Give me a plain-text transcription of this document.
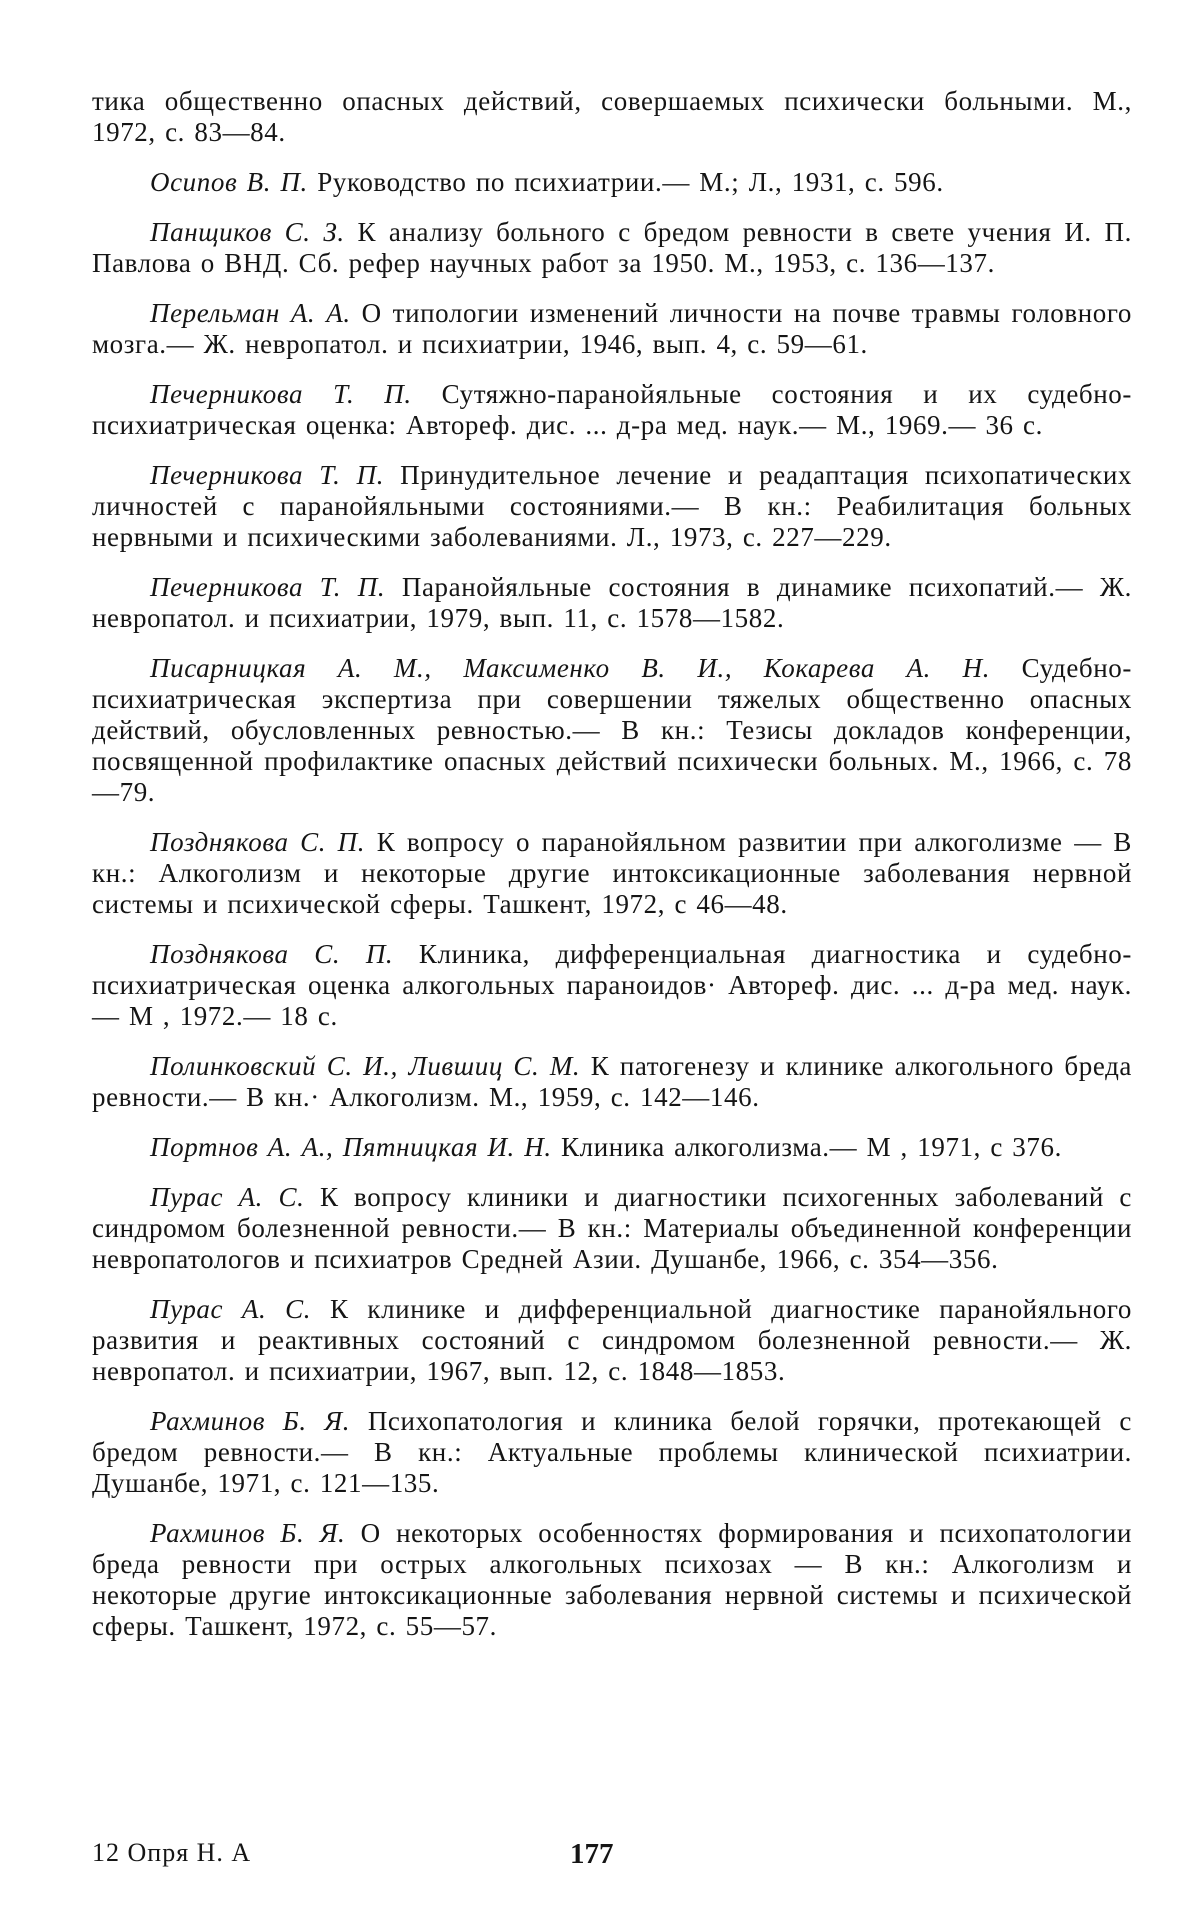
тика общественно опасных действий, совершаемых психически больными. М., 1972, с. 83—84.

Осипов В. П. Руководство по психиатрии.— М.; Л., 1931, с. 596.

Панщиков С. З. К анализу больного с бредом ревности в свете учения И. П. Павлова о ВНД. Сб. рефер научных работ за 1950. М., 1953, с. 136—137.

Перельман А. А. О типологии изменений личности на почве травмы головного мозга.— Ж. невропатол. и психиатрии, 1946, вып. 4, с. 59—61.

Печерникова Т. П. Сутяжно-паранойяльные состояния и их судебно-психиатрическая оценка: Автореф. дис. ... д-ра мед. наук.— М., 1969.— 36 с.

Печерникова Т. П. Принудительное лечение и реадаптация психопатических личностей с паранойяльными состояниями.— В кн.: Реабилитация больных нервными и психическими заболеваниями. Л., 1973, с. 227—229.

Печерникова Т. П. Паранойяльные состояния в динамике психопатий.— Ж. невропатол. и психиатрии, 1979, вып. 11, с. 1578—1582.

Писарницкая А. М., Максименко В. И., Кокарева А. Н. Судебно-психиатрическая экспертиза при совершении тяжелых общественно опасных действий, обусловленных ревностью.— В кн.: Тезисы докладов конференции, посвященной профилактике опасных действий психически больных. М., 1966, с. 78—79.

Позднякова С. П. К вопросу о паранойяльном развитии при алкоголизме — В кн.: Алкоголизм и некоторые другие интоксикационные заболевания нервной системы и психической сферы. Ташкент, 1972, с 46—48.

Позднякова С. П. Клиника, дифференциальная диагностика и судебно-психиатрическая оценка алкогольных параноидов· Автореф. дис. ... д-ра мед. наук.— М , 1972.— 18 с.

Полинковский С. И., Лившиц С. М. К патогенезу и клинике алкогольного бреда ревности.— В кн.· Алкоголизм. М., 1959, с. 142—146.

Портнов А. А., Пятницкая И. Н. Клиника алкоголизма.— М , 1971, с 376.

Пурас А. С. К вопросу клиники и диагностики психогенных заболеваний с синдромом болезненной ревности.— В кн.: Материалы объединенной конференции невропатологов и психиатров Средней Азии. Душанбе, 1966, с. 354—356.

Пурас А. С. К клинике и дифференциальной диагностике паранойяльного развития и реактивных состояний с синдромом болезненной ревности.— Ж. невропатол. и психиатрии, 1967, вып. 12, с. 1848—1853.

Рахминов Б. Я. Психопатология и клиника белой горячки, протекающей с бредом ревности.— В кн.: Актуальные проблемы клинической психиатрии. Душанбе, 1971, с. 121—135.

Рахминов Б. Я. О некоторых особенностях формирования и психопатологии бреда ревности при острых алкогольных психозах — В кн.: Алкоголизм и некоторые другие интоксикационные заболевания нервной системы и психической сферы. Ташкент, 1972, с. 55—57.

12 Опря Н. А	177
